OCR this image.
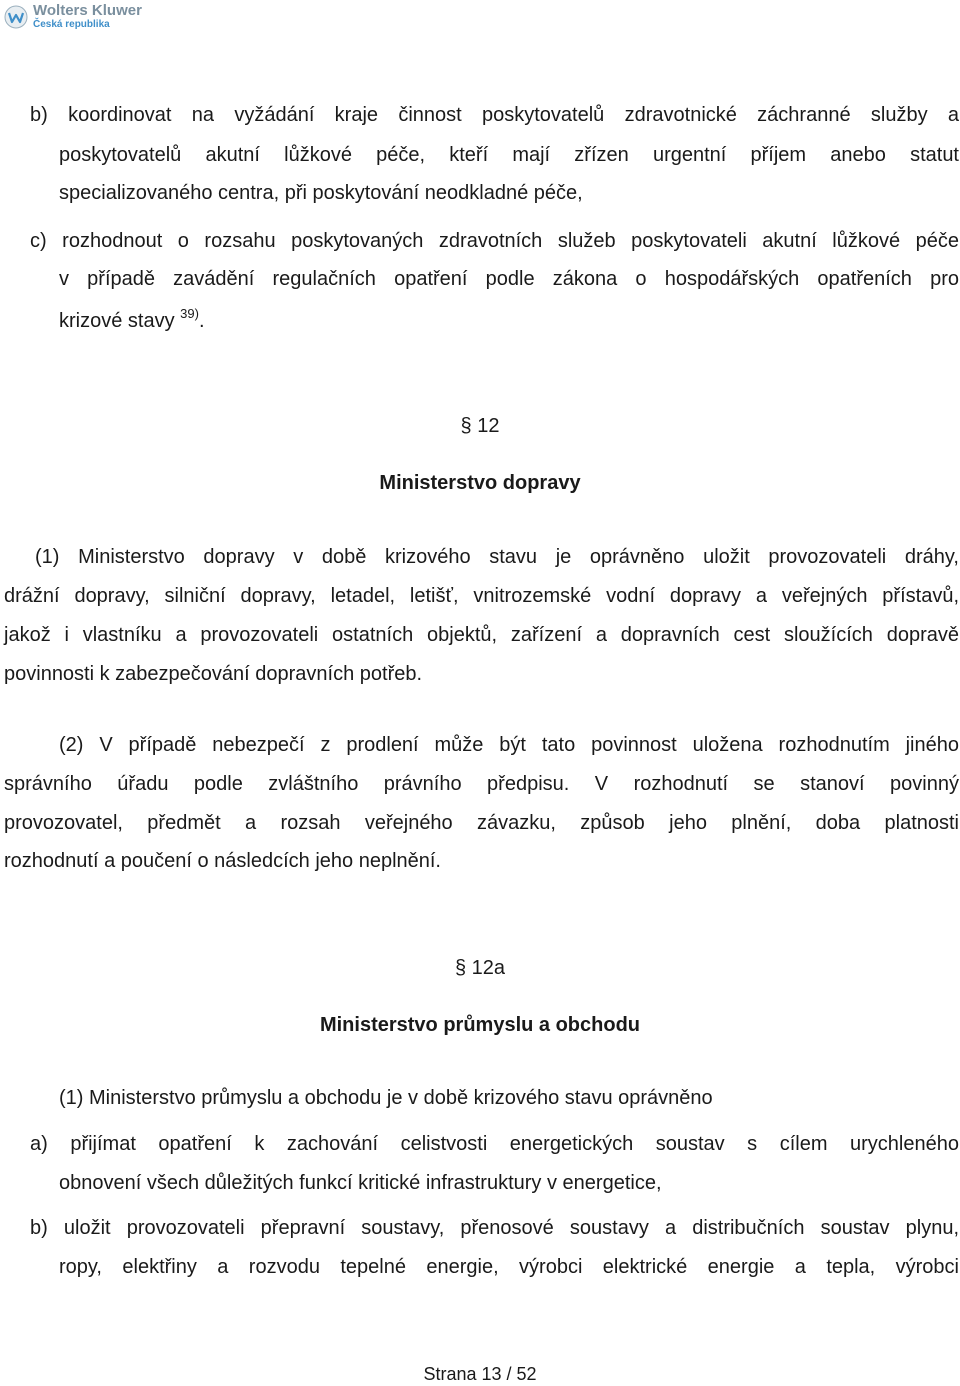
Wolters Kluwer
Česká republika
b) koordinovat na vyžádání kraje činnost poskytovatelů zdravotnické záchranné služby a
poskytovatelů akutní lůžkové péče, kteří mají zřízen urgentní příjem anebo statut
specializovaného centra, při poskytování neodkladné péče,
c) rozhodnout o rozsahu poskytovaných zdravotních služeb poskytovateli akutní lůžkové péče
v případě zavádění regulačních opatření podle zákona o hospodářských opatřeních pro
krizové stavy $^{39)}$.
§ 12
Ministerstvo dopravy
(1) Ministerstvo dopravy v době krizového stavu je oprávněno uložit provozovateli dráhy,
drážní dopravy, silniční dopravy, letadel, letišť, vnitrozemské vodní dopravy a veřejných přístavů,
jakož i vlastníku a provozovateli ostatních objektů, zařízení a dopravních cest sloužících dopravě
povinnosti k zabezpečování dopravních potřeb.
(2) V případě nebezpečí z prodlení může být tato povinnost uložena rozhodnutím jiného
správního úřadu podle zvláštního právního předpisu. V rozhodnutí se stanoví povinný
provozovatel, předmět a rozsah veřejného závazku, způsob jeho plnění, doba platnosti
rozhodnutí a poučení o následcích jeho neplnění.
§ 12a
Ministerstvo průmyslu a obchodu
(1) Ministerstvo průmyslu a obchodu je v době krizového stavu oprávněno
a) přijímat opatření k zachování celistvosti energetických soustav s cílem urychleného
obnovení všech důležitých funkcí kritické infrastruktury v energetice,
b) uložit provozovateli přepravní soustavy, přenosové soustavy a distribučních soustav plynu,
ropy, elektřiny a rozvodu tepelné energie, výrobci elektrické energie a tepla, výrobci
Strana 13 / 52
